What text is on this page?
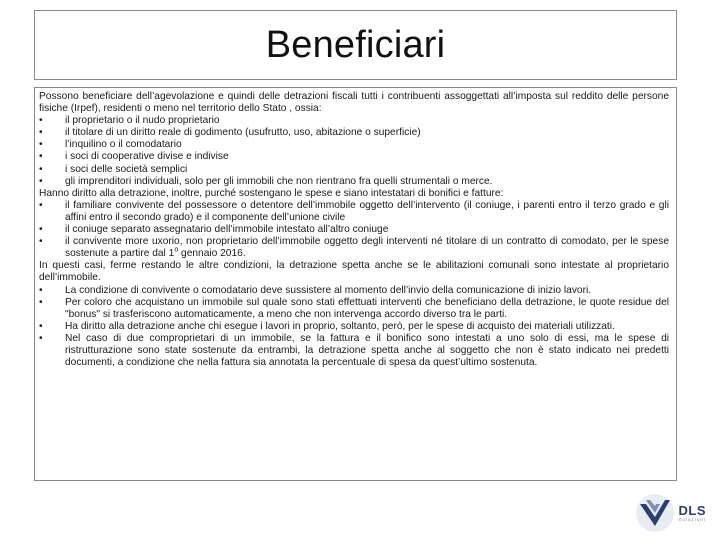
Beneficiari

Possono beneficiare dell’agevolazione e quindi delle detrazioni fiscali tutti i contribuenti assoggettati all’imposta sul reddito delle persone fisiche (Irpef), residenti o meno nel territorio dello Stato , ossia:

•	il proprietario o il nudo proprietario

•	il titolare di un diritto reale di godimento (usufrutto, uso, abitazione o superficie)

•	l’inquilino o il comodatario

•	i soci di cooperative divise e indivise

•	i soci delle società semplici

•	gli imprenditori individuali, solo per gli immobili che non rientrano fra quelli strumentali o merce.

Hanno diritto alla detrazione, inoltre, purché sostengano le spese e siano intestatari di bonifici e fatture:

•	il familiare convivente del possessore o detentore dell’immobile oggetto dell’intervento (il coniuge, i parenti entro il terzo grado e gli affini entro il secondo grado) e il componente dell’unione civile

•	il coniuge separato assegnatario dell’immobile intestato all’altro coniuge

•	il convivente more uxorio, non proprietario dell’immobile oggetto degli interventi né titolare di un contratto di comodato, per le spese sostenute a partire dal 1$^o$ gennaio 2016.

In questi casi, ferme restando le altre condizioni, la detrazione spetta anche se le abilitazioni comunali sono intestate al proprietario dell’immobile.

•	La condizione di convivente o comodatario deve sussistere al momento dell’invio della comunicazione di inizio lavori.

•	Per coloro che acquistano un immobile sul quale sono stati effettuati interventi che beneficiano della detrazione, le quote residue del "bonus" si trasferiscono automaticamente, a meno che non intervenga accordo diverso tra le parti.

•	Ha diritto alla detrazione anche chi esegue i lavori in proprio, soltanto, però, per le spese di acquisto dei materiali utilizzati.

•	Nel caso di due comproprietari di un immobile, se la fattura e il bonifico sono intestati a uno solo di essi, ma le spese di ristrutturazione sono state sostenute da entrambi, la detrazione spetta anche al soggetto che non è stato indicato nei predetti documenti, a condizione che nella fattura sia annotata la percentuale di spesa da quest’ultimo sostenuta.

DLS
Soluzioni
